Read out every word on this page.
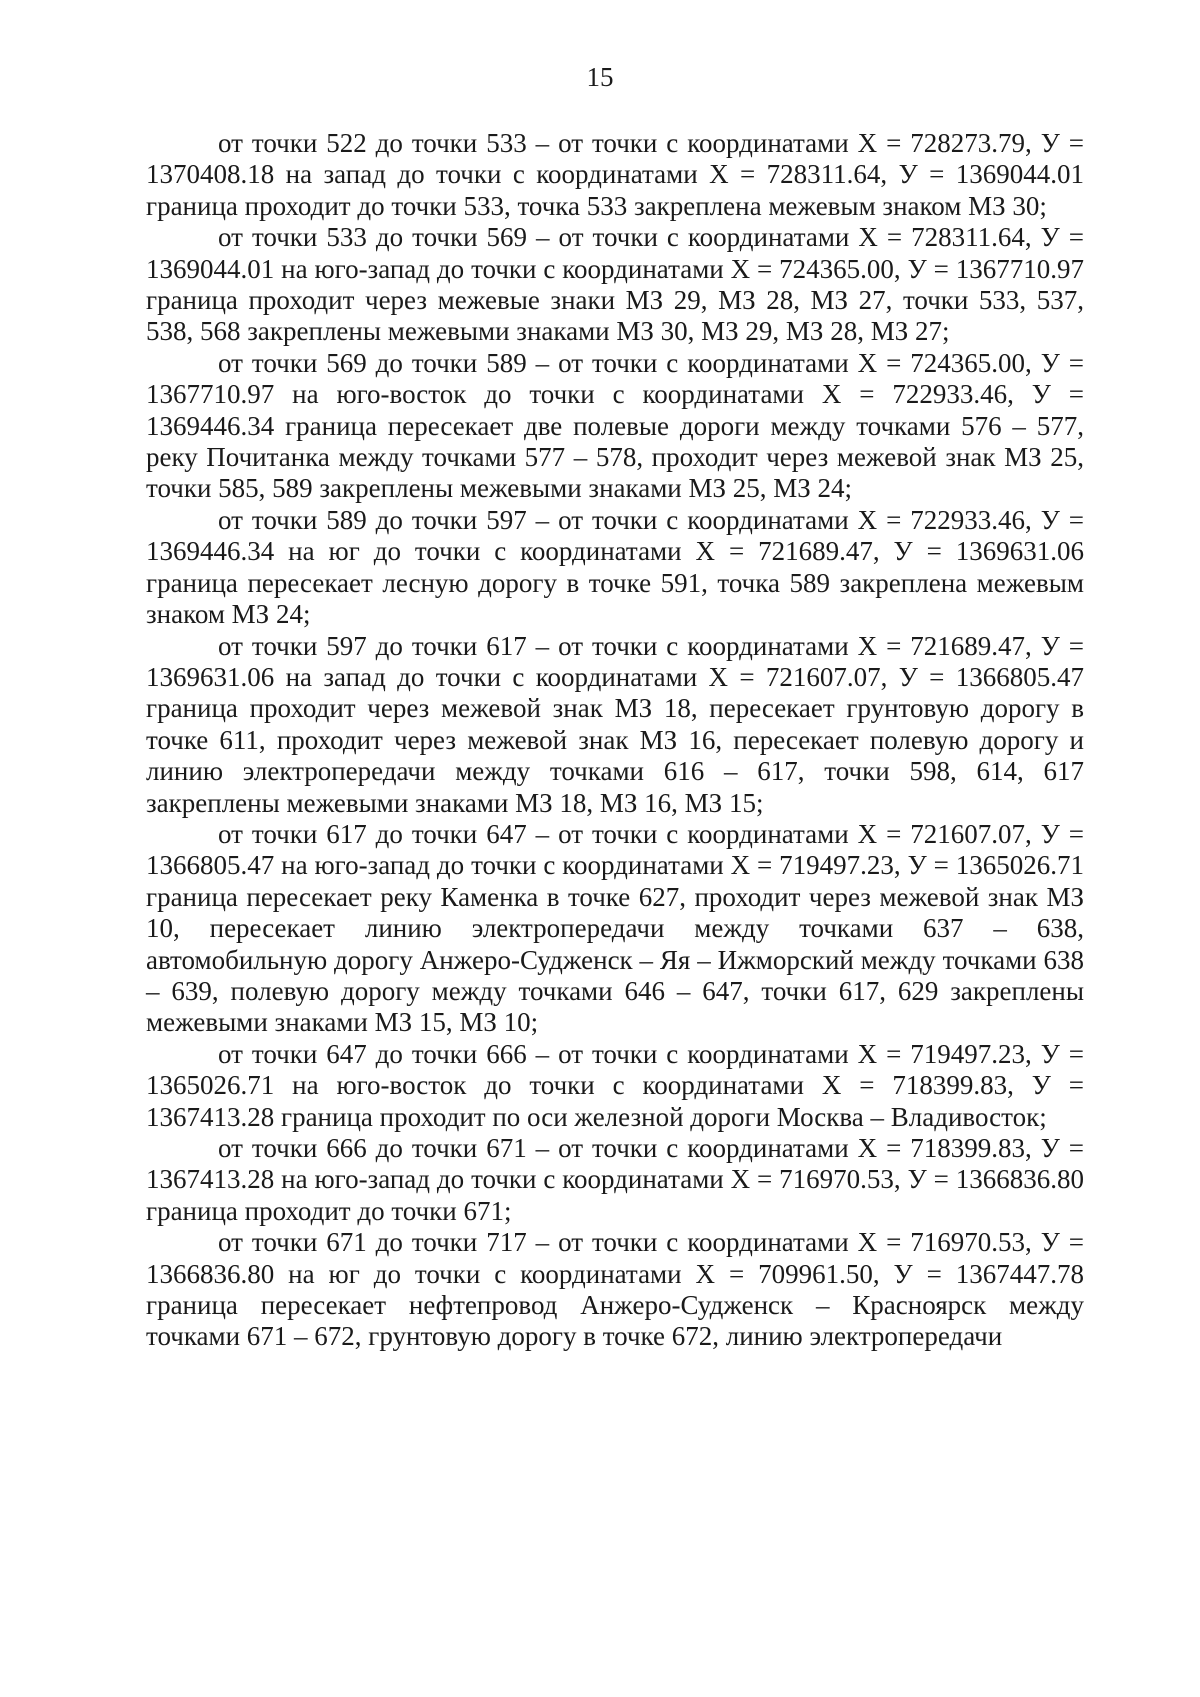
15

от точки 522 до точки 533 – от точки с координатами Х = 728273.79, У = 1370408.18 на запад до точки с координатами Х = 728311.64, У = 1369044.01 граница проходит до точки 533, точка 533 закреплена межевым знаком МЗ 30;

от точки 533 до точки 569 – от точки с координатами Х = 728311.64, У = 1369044.01 на юго-запад до точки с координатами Х = 724365.00, У = 1367710.97 граница проходит через межевые знаки МЗ 29, МЗ 28, МЗ 27, точки 533, 537, 538, 568 закреплены межевыми знаками МЗ 30, МЗ 29, МЗ 28, МЗ 27;

от точки 569 до точки 589 – от точки с координатами Х = 724365.00, У = 1367710.97 на юго-восток до точки с координатами Х = 722933.46, У = 1369446.34 граница пересекает две полевые дороги между точками 576 – 577, реку Почитанка между точками 577 – 578, проходит через межевой знак МЗ 25, точки 585, 589 закреплены межевыми знаками МЗ 25, МЗ 24;

от точки 589 до точки 597 – от точки с координатами Х = 722933.46, У = 1369446.34 на юг до точки с координатами Х = 721689.47, У = 1369631.06 граница пересекает лесную дорогу в точке 591, точка 589 закреплена межевым знаком МЗ 24;

от точки 597 до точки 617 – от точки с координатами Х = 721689.47, У = 1369631.06 на запад до точки с координатами Х = 721607.07, У = 1366805.47 граница проходит через межевой знак МЗ 18, пересекает грунтовую дорогу в точке 611, проходит через межевой знак МЗ 16, пересекает полевую дорогу и линию электропередачи между точками 616 – 617, точки 598, 614, 617 закреплены межевыми знаками МЗ 18, МЗ 16, МЗ 15;

от точки 617 до точки 647 – от точки с координатами Х = 721607.07, У = 1366805.47 на юго-запад до точки с координатами Х = 719497.23, У = 1365026.71 граница пересекает реку Каменка в точке 627, проходит через межевой знак МЗ 10, пересекает линию электропередачи между точками 637 – 638, автомобильную дорогу Анжеро-Судженск – Яя – Ижморский между точками 638 – 639, полевую дорогу между точками 646 – 647, точки 617, 629 закреплены межевыми знаками МЗ 15, МЗ 10;

от точки 647 до точки 666 – от точки с координатами Х = 719497.23, У = 1365026.71 на юго-восток до точки с координатами Х = 718399.83, У = 1367413.28 граница проходит по оси железной дороги Москва – Владивосток;

от точки 666 до точки 671 – от точки с координатами Х = 718399.83, У = 1367413.28 на юго-запад до точки с координатами Х = 716970.53, У = 1366836.80 граница проходит до точки 671;

от точки 671 до точки 717 – от точки с координатами Х = 716970.53, У = 1366836.80 на юг до точки с координатами Х = 709961.50, У = 1367447.78 граница пересекает нефтепровод Анжеро-Судженск – Красноярск между точками 671 – 672, грунтовую дорогу в точке 672, линию электропередачи
